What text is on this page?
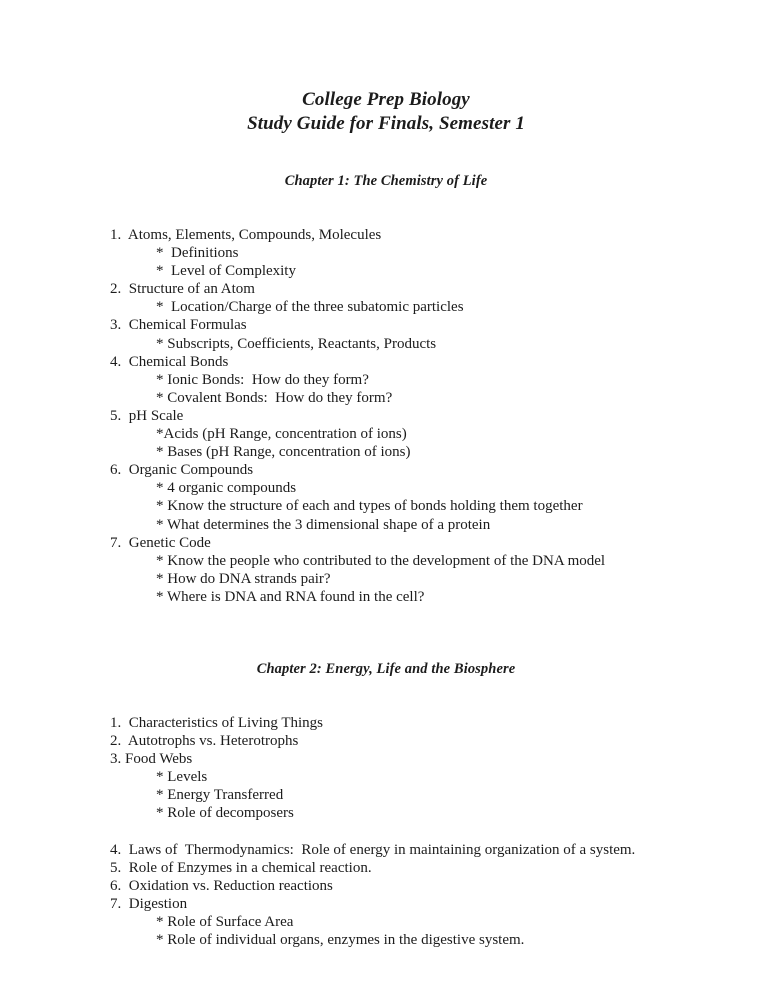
College Prep Biology
Study Guide for Finals, Semester 1
Chapter 1: The Chemistry of Life
1.  Atoms, Elements, Compounds, Molecules
*  Definitions
*  Level of Complexity
2.  Structure of an Atom
*  Location/Charge of the three subatomic particles
3.  Chemical Formulas
* Subscripts, Coefficients, Reactants, Products
4.  Chemical Bonds
* Ionic Bonds:  How do they form?
* Covalent Bonds:  How do they form?
5.  pH Scale
*Acids (pH Range, concentration of ions)
* Bases (pH Range, concentration of ions)
6.  Organic Compounds
* 4 organic compounds
* Know the structure of each and types of bonds holding them together
* What determines the 3 dimensional shape of a protein
7.  Genetic Code
* Know the people who contributed to the development of the DNA model
* How do DNA strands pair?
* Where is DNA and RNA found in the cell?
Chapter 2: Energy, Life and the Biosphere
1.  Characteristics of Living Things
2.  Autotrophs vs. Heterotrophs
3. Food Webs
* Levels
* Energy Transferred
* Role of decomposers
4.  Laws of  Thermodynamics:  Role of energy in maintaining organization of a system.
5.  Role of Enzymes in a chemical reaction.
6.  Oxidation vs. Reduction reactions
7.  Digestion
* Role of Surface Area
* Role of individual organs, enzymes in the digestive system.
